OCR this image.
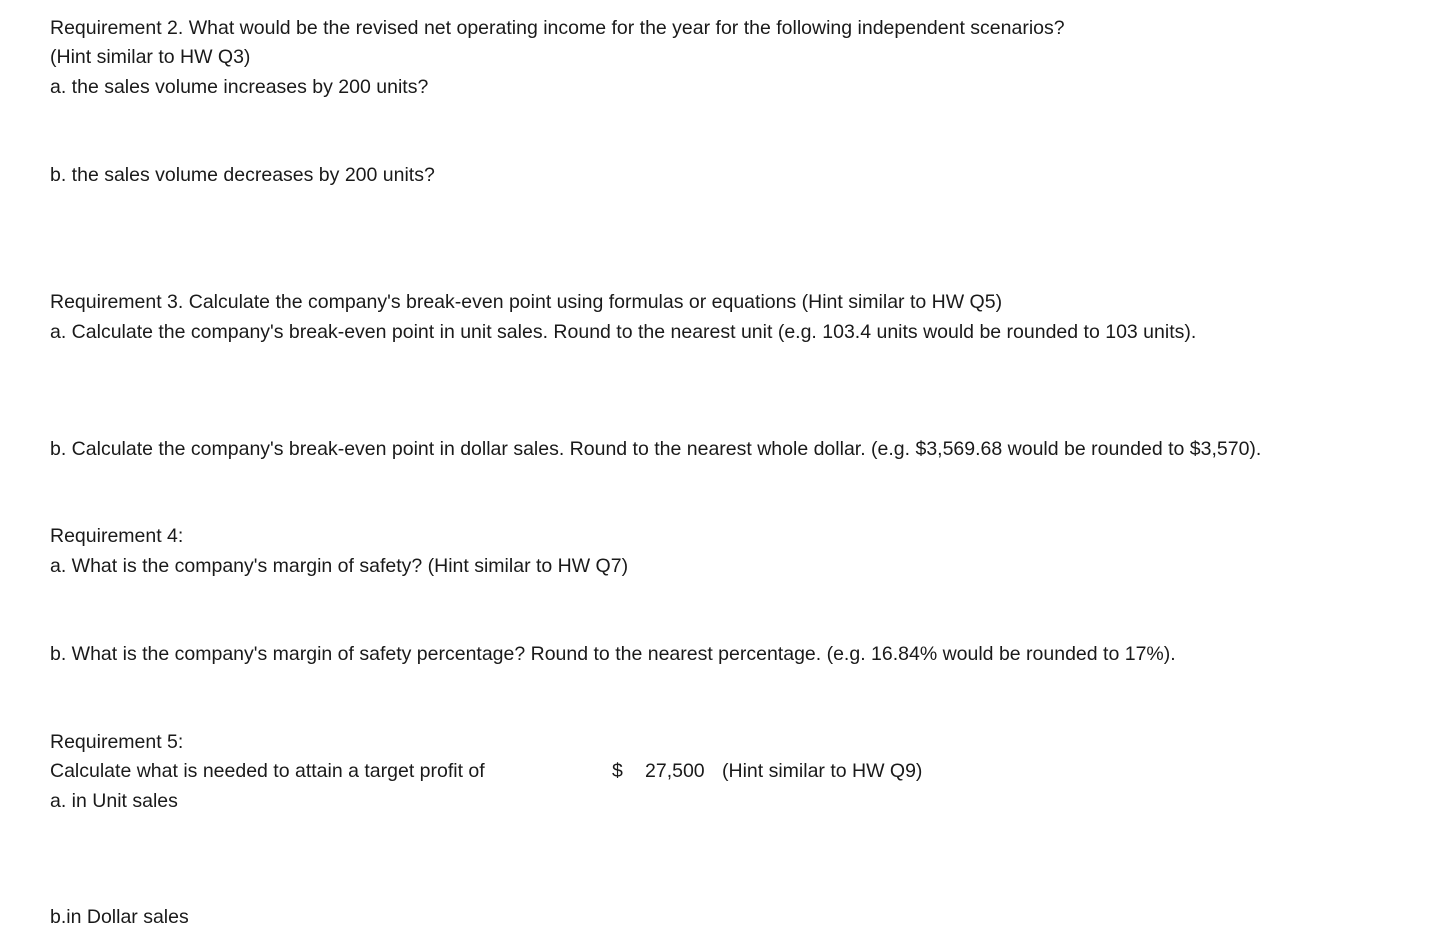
Requirement 2. What would be the revised net operating income for the year for the following independent scenarios?
(Hint similar to HW Q3)
a. the sales volume increases by 200 units?
b. the sales volume decreases by 200 units?
Requirement 3. Calculate the company's break-even point using formulas or equations (Hint similar to HW Q5)
a. Calculate the company's break-even point in unit sales. Round to the nearest unit (e.g. 103.4 units would be rounded to 103 units).
b. Calculate the company's break-even point in dollar sales. Round to the nearest whole dollar. (e.g. $3,569.68 would be rounded to $3,570).
Requirement 4:
a. What is the company's margin of safety? (Hint similar to HW Q7)
b. What is the company's margin of safety percentage? Round to the nearest percentage. (e.g. 16.84% would be rounded to 17%).
Requirement 5:
Calculate what is needed to attain a target profit of	$ 27,500 (Hint similar to HW Q9)
a. in Unit sales
b.in Dollar sales
